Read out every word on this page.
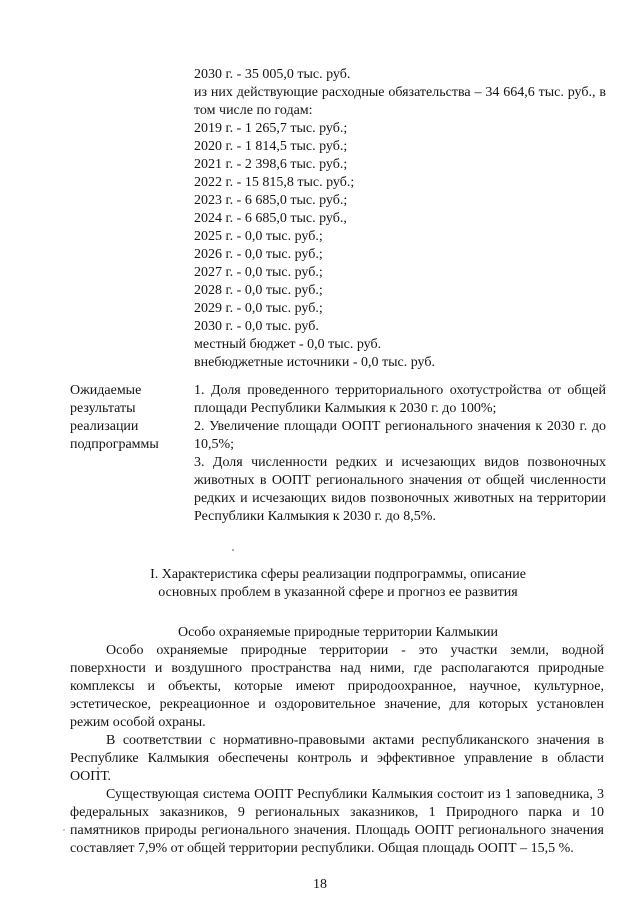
2030 г. - 35 005,0 тыс. руб.
из них действующие расходные обязательства – 34 664,6 тыс. руб., в том числе по годам:
2019 г. - 1 265,7 тыс. руб.;
2020 г. - 1 814,5 тыс. руб.;
2021 г. - 2 398,6 тыс. руб.;
2022 г. - 15 815,8 тыс. руб.;
2023 г. - 6 685,0 тыс. руб.;
2024 г. - 6 685,0 тыс. руб.,
2025 г. - 0,0 тыс. руб.;
2026 г. - 0,0 тыс. руб.;
2027 г. - 0,0 тыс. руб.;
2028 г. - 0,0 тыс. руб.;
2029 г. - 0,0 тыс. руб.;
2030 г. - 0,0 тыс. руб.
местный бюджет - 0,0 тыс. руб.
внебюджетные источники - 0,0 тыс. руб.
Ожидаемые
результаты
реализации
подпрограммы

1. Доля проведенного территориального охотустройства от общей площади Республики Калмыкия к 2030 г. до 100%;

2. Увеличение площади ООПТ регионального значения к 2030 г. до 10,5%;

3. Доля численности редких и исчезающих видов позвоночных животных в ООПТ регионального значения от общей численности редких и исчезающих видов позвоночных животных на территории Республики Калмыкия к 2030 г. до 8,5%.

I. Характеристика сферы реализации подпрограммы, описание
основных проблем в указанной сфере и прогноз ее развития
Особо охраняемые природные территории Калмыкии

Особо охраняемые природные территории - это участки земли, водной поверхности и воздушного пространства над ними, где располагаются природные комплексы и объекты, которые имеют природоохранное, научное, культурное, эстетическое, рекреационное и оздоровительное значение, для которых установлен режим особой охраны.

В соответствии с нормативно-правовыми актами республиканского значения в Республике Калмыкия обеспечены контроль и эффективное управление в области ООПТ.

Существующая система ООПТ Республики Калмыкия состоит из 1 заповедника, 3 федеральных заказников, 9 региональных заказников, 1 Природного парка и 10 памятников природы регионального значения. Площадь ООПТ регионального значения составляет 7,9% от общей территории республики. Общая площадь ООПТ – 15,5 %.

18
